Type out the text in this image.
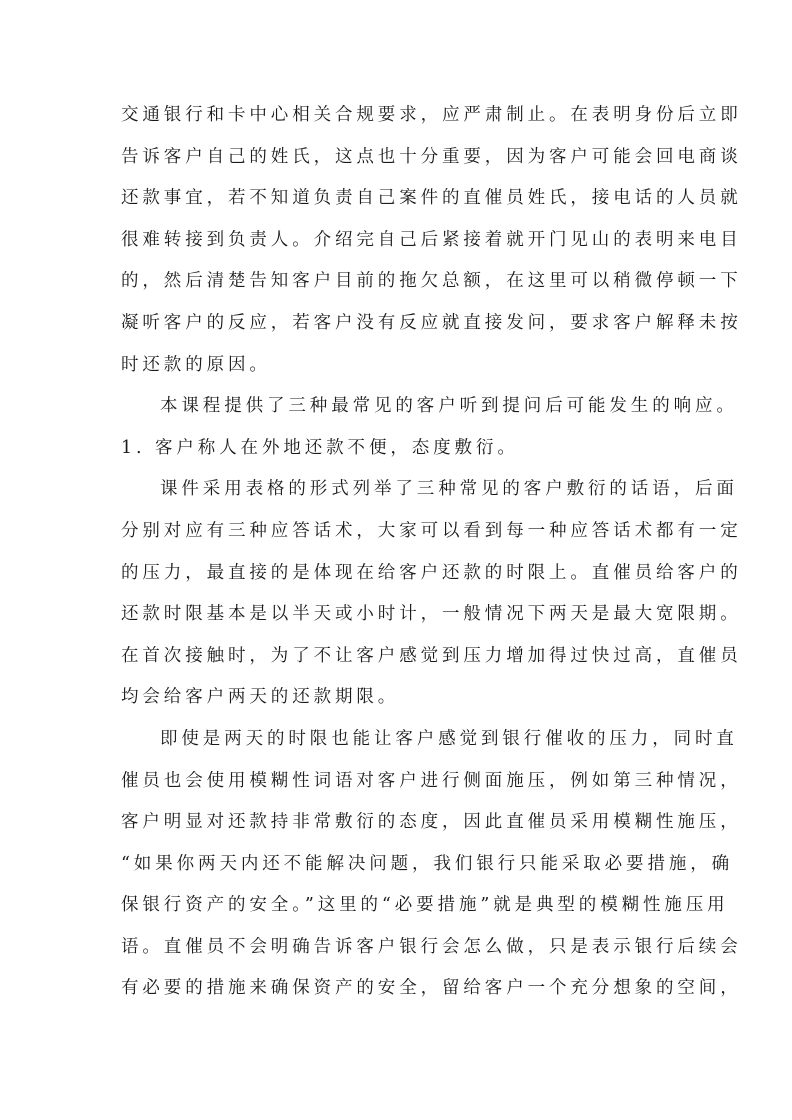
交通银行和卡中心相关合规要求，应严肃制止。在表明身份后立即
告诉客户自己的姓氏，这点也十分重要，因为客户可能会回电商谈
还款事宜，若不知道负责自己案件的直催员姓氏，接电话的人员就
很难转接到负责人。介绍完自己后紧接着就开门见山的表明来电目
的，然后清楚告知客户目前的拖欠总额，在这里可以稍微停顿一下
凝听客户的反应，若客户没有反应就直接发问，要求客户解释未按
时还款的原因。
本课程提供了三种最常见的客户听到提问后可能发生的响应。
1. 客户称人在外地还款不便，态度敷衍。
课件采用表格的形式列举了三种常见的客户敷衍的话语，后面
分别对应有三种应答话术，大家可以看到每一种应答话术都有一定
的压力，最直接的是体现在给客户还款的时限上。直催员给客户的
还款时限基本是以半天或小时计，一般情况下两天是最大宽限期。
在首次接触时，为了不让客户感觉到压力增加得过快过高，直催员
均会给客户两天的还款期限。
即使是两天的时限也能让客户感觉到银行催收的压力，同时直
催员也会使用模糊性词语对客户进行侧面施压，例如第三种情况，
客户明显对还款持非常敷衍的态度，因此直催员采用模糊性施压，
“如果你两天内还不能解决问题，我们银行只能采取必要措施，确
保银行资产的安全。”这里的“必要措施”就是典型的模糊性施压用
语。直催员不会明确告诉客户银行会怎么做，只是表示银行后续会
有必要的措施来确保资产的安全，留给客户一个充分想象的空间，
